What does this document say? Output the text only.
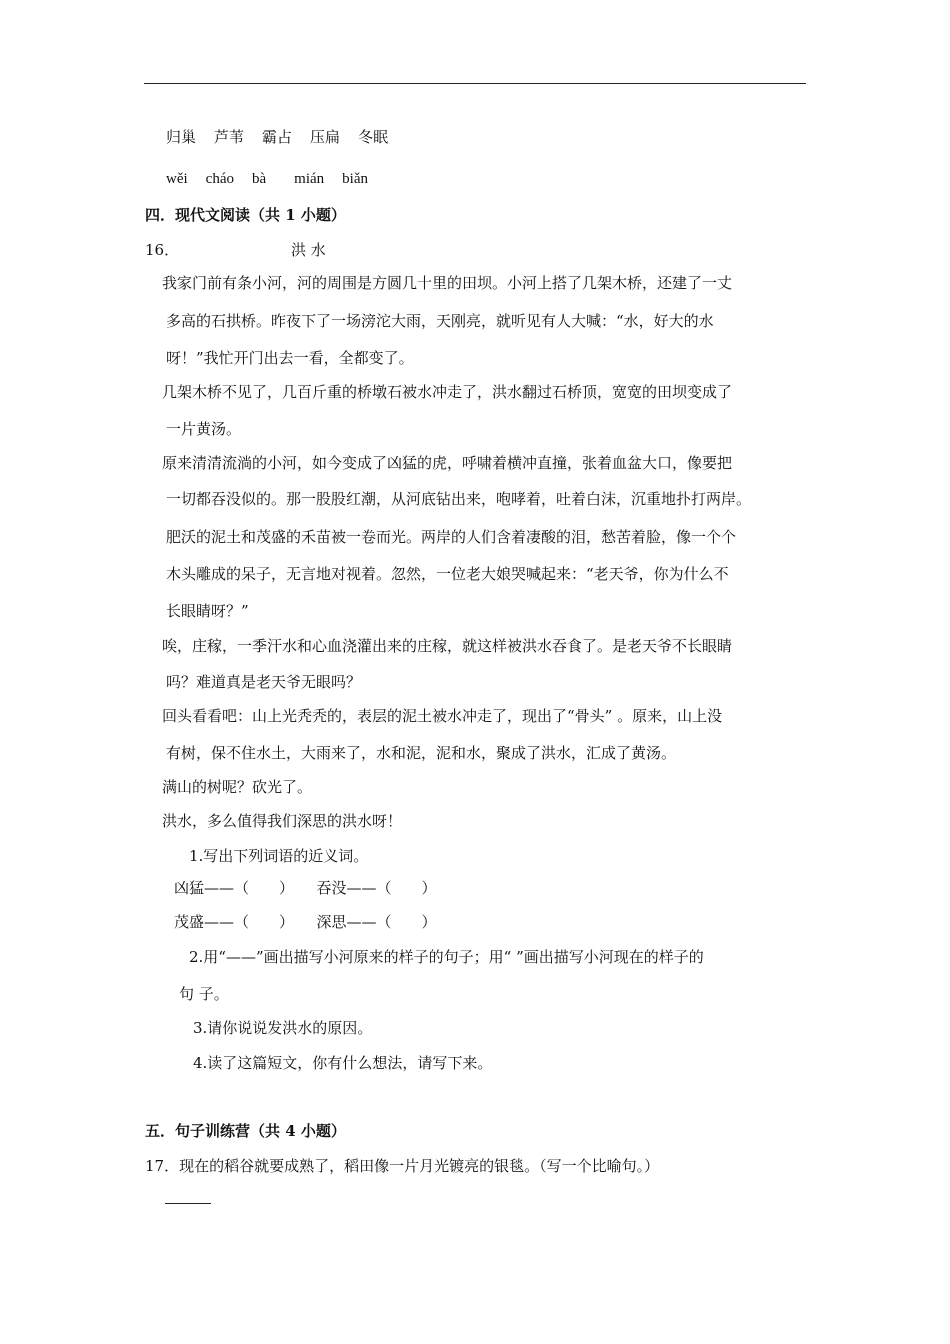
归巢 芦苇 霸占 压扁 冬眠
wěi cháo bà mián biǎn
四．现代文阅读（共 1 小题）
16．	洪 水
我家门前有条小河，河的周围是方圆几十里的田坝。小河上搭了几架木桥，还建了一丈
多高的石拱桥。昨夜下了一场滂沱大雨，天刚亮，就听见有人大喊：“水，好大的水
呀！”我忙开门出去一看，全都变了。
几架木桥不见了，几百斤重的桥墩石被水冲走了，洪水翻过石桥顶，宽宽的田坝变成了
一片黄汤。
原来清清流淌的小河，如今变成了凶猛的虎，呼啸着横冲直撞，张着血盆大口，像要把
一切都吞没似的。那一股股红潮，从河底钻出来，咆哮着，吐着白沫，沉重地扑打两岸。
肥沃的泥土和茂盛的禾苗被一卷而光。两岸的人们含着凄酸的泪，愁苦着脸，像一个个
木头雕成的呆子，无言地对视着。忽然，一位老大娘哭喊起来：“老天爷，你为什么不
长眼睛呀？”
唉，庄稼，一季汗水和心血浇灌出来的庄稼，就这样被洪水吞食了。是老天爷不长眼睛
吗？难道真是老天爷无眼吗？
回头看看吧：山上光秃秃的，表层的泥土被水冲走了，现出了“骨头” 。原来，山上没
有树，保不住水土，大雨来了，水和泥，泥和水，聚成了洪水，汇成了黄汤。
满山的树呢？砍光了。
洪水，多么值得我们深思的洪水呀！
1.写出下列词语的近义词。
凶猛——（　　）　　吞没——（　　）
茂盛——（　　）　　深思——（　　）
2.用“——”画出描写小河原来的样子的句子；用“ ”画出描写小河现在的样子的
句 子。
3.请你说说发洪水的原因。
4.读了这篇短文，你有什么想法，请写下来。
五．句子训练营（共 4 小题）
17．现在的稻谷就要成熟了，稻田像一片月光镀亮的银毯。（写一个比喻句。）
